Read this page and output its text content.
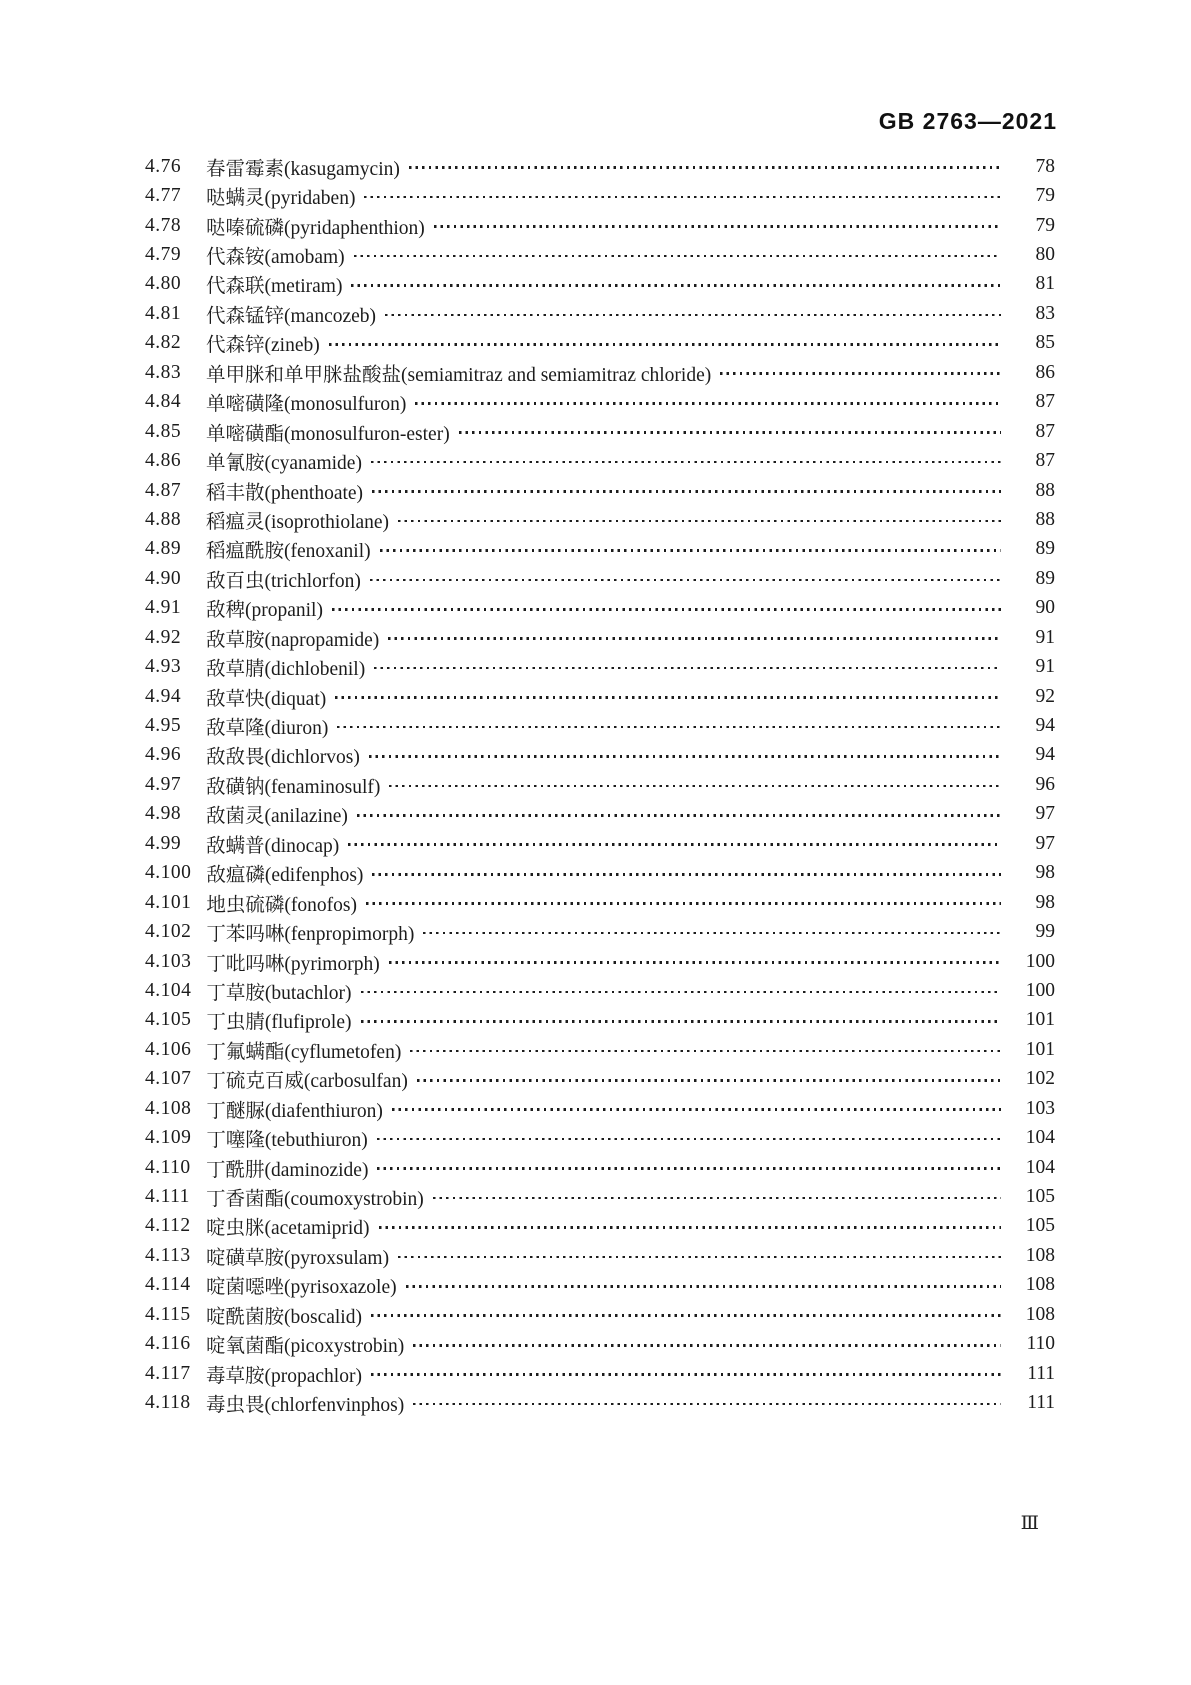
GB 2763—2021
4.76	春雷霉素(kasugamycin)	78
4.77	哒螨灵(pyridaben)	79
4.78	哒嗪硫磷(pyridaphenthion)	79
4.79	代森铵(amobam)	80
4.80	代森联(metiram)	81
4.81	代森锰锌(mancozeb)	83
4.82	代森锌(zineb)	85
4.83	单甲脒和单甲脒盐酸盐(semiamitraz and semiamitraz chloride)	86
4.84	单嘧磺隆(monosulfuron)	87
4.85	单嘧磺酯(monosulfuron-ester)	87
4.86	单氰胺(cyanamide)	87
4.87	稻丰散(phenthoate)	88
4.88	稻瘟灵(isoprothiolane)	88
4.89	稻瘟酰胺(fenoxanil)	89
4.90	敌百虫(trichlorfon)	89
4.91	敌稗(propanil)	90
4.92	敌草胺(napropamide)	91
4.93	敌草腈(dichlobenil)	91
4.94	敌草快(diquat)	92
4.95	敌草隆(diuron)	94
4.96	敌敌畏(dichlorvos)	94
4.97	敌磺钠(fenaminosulf)	96
4.98	敌菌灵(anilazine)	97
4.99	敌螨普(dinocap)	97
4.100 敌瘟磷(edifenphos)	98
4.101 地虫硫磷(fonofos)	98
4.102 丁苯吗啉(fenpropimorph)	99
4.103 丁吡吗啉(pyrimorph)	100
4.104 丁草胺(butachlor)	100
4.105 丁虫腈(flufiprole)	101
4.106 丁氟螨酯(cyflumetofen)	101
4.107 丁硫克百威(carbosulfan)	102
4.108 丁醚脲(diafenthiuron)	103
4.109 丁噻隆(tebuthiuron)	104
4.110 丁酰肼(daminozide)	104
4.111 丁香菌酯(coumoxystrobin)	105
4.112 啶虫脒(acetamiprid)	105
4.113 啶磺草胺(pyroxsulam)	108
4.114 啶菌噁唑(pyrisoxazole)	108
4.115 啶酰菌胺(boscalid)	108
4.116 啶氧菌酯(picoxystrobin)	110
4.117 毒草胺(propachlor)	111
4.118 毒虫畏(chlorfenvinphos)	111
Ⅲ
